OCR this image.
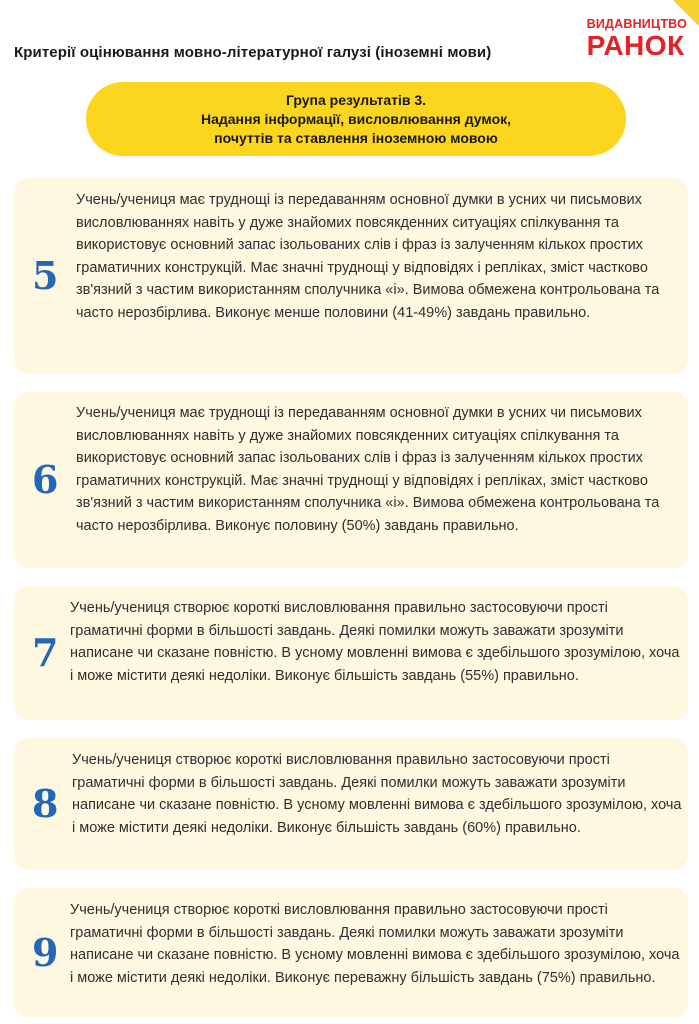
Критерії оцінювання мовно-літературної галузі (іноземні мови)
ВИДАВНИЦТВО
РАНОК
Група результатів 3.
Надання інформації, висловлювання думок,
почуттів та ставлення іноземною мовою
5
Учень/учениця має труднощі із передаванням основної думки в усних чи письмових висловлюваннях навіть у дуже знайомих повсякденних ситуаціях спілкування та використовує основний запас ізольованих слів і фраз із залученням кількох простих граматичних конструкцій. Має значні труднощі у відповідях і репліках, зміст частково зв'язний з частим використанням сполучника «і». Вимова обмежена контрольована та часто нерозбірлива. Виконує менше половини (41-49%) завдань правильно.
6
Учень/учениця має труднощі із передаванням основної думки в усних чи письмових висловлюваннях навіть у дуже знайомих повсякденних ситуаціях спілкування та використовує основний запас ізольованих слів і фраз із залученням кількох простих граматичних конструкцій. Має значні труднощі у відповідях і репліках, зміст частково зв'язний з частим використанням сполучника «і». Вимова обмежена контрольована та часто нерозбірлива. Виконує половину (50%) завдань правильно.
7
Учень/учениця створює короткі висловлювання правильно застосовуючи прості граматичні форми в більшості завдань. Деякі помилки можуть заважати зрозуміти написане чи сказане повністю. В усному мовленні вимова є здебільшого зрозумілою, хоча і може містити деякі недоліки. Виконує більшість завдань (55%) правильно.
8
Учень/учениця створює короткі висловлювання правильно застосовуючи прості граматичні форми в більшості завдань. Деякі помилки можуть заважати зрозуміти написане чи сказане повністю. В усному мовленні вимова є здебільшого зрозумілою, хоча і може містити деякі недоліки. Виконує більшість завдань (60%) правильно.
9
Учень/учениця створює короткі висловлювання правильно застосовуючи прості граматичні форми в більшості завдань. Деякі помилки можуть заважати зрозуміти написане чи сказане повністю. В усному мовленні вимова є здебільшого зрозумілою, хоча і може містити деякі недоліки. Виконує переважну більшість завдань (75%) правильно.
